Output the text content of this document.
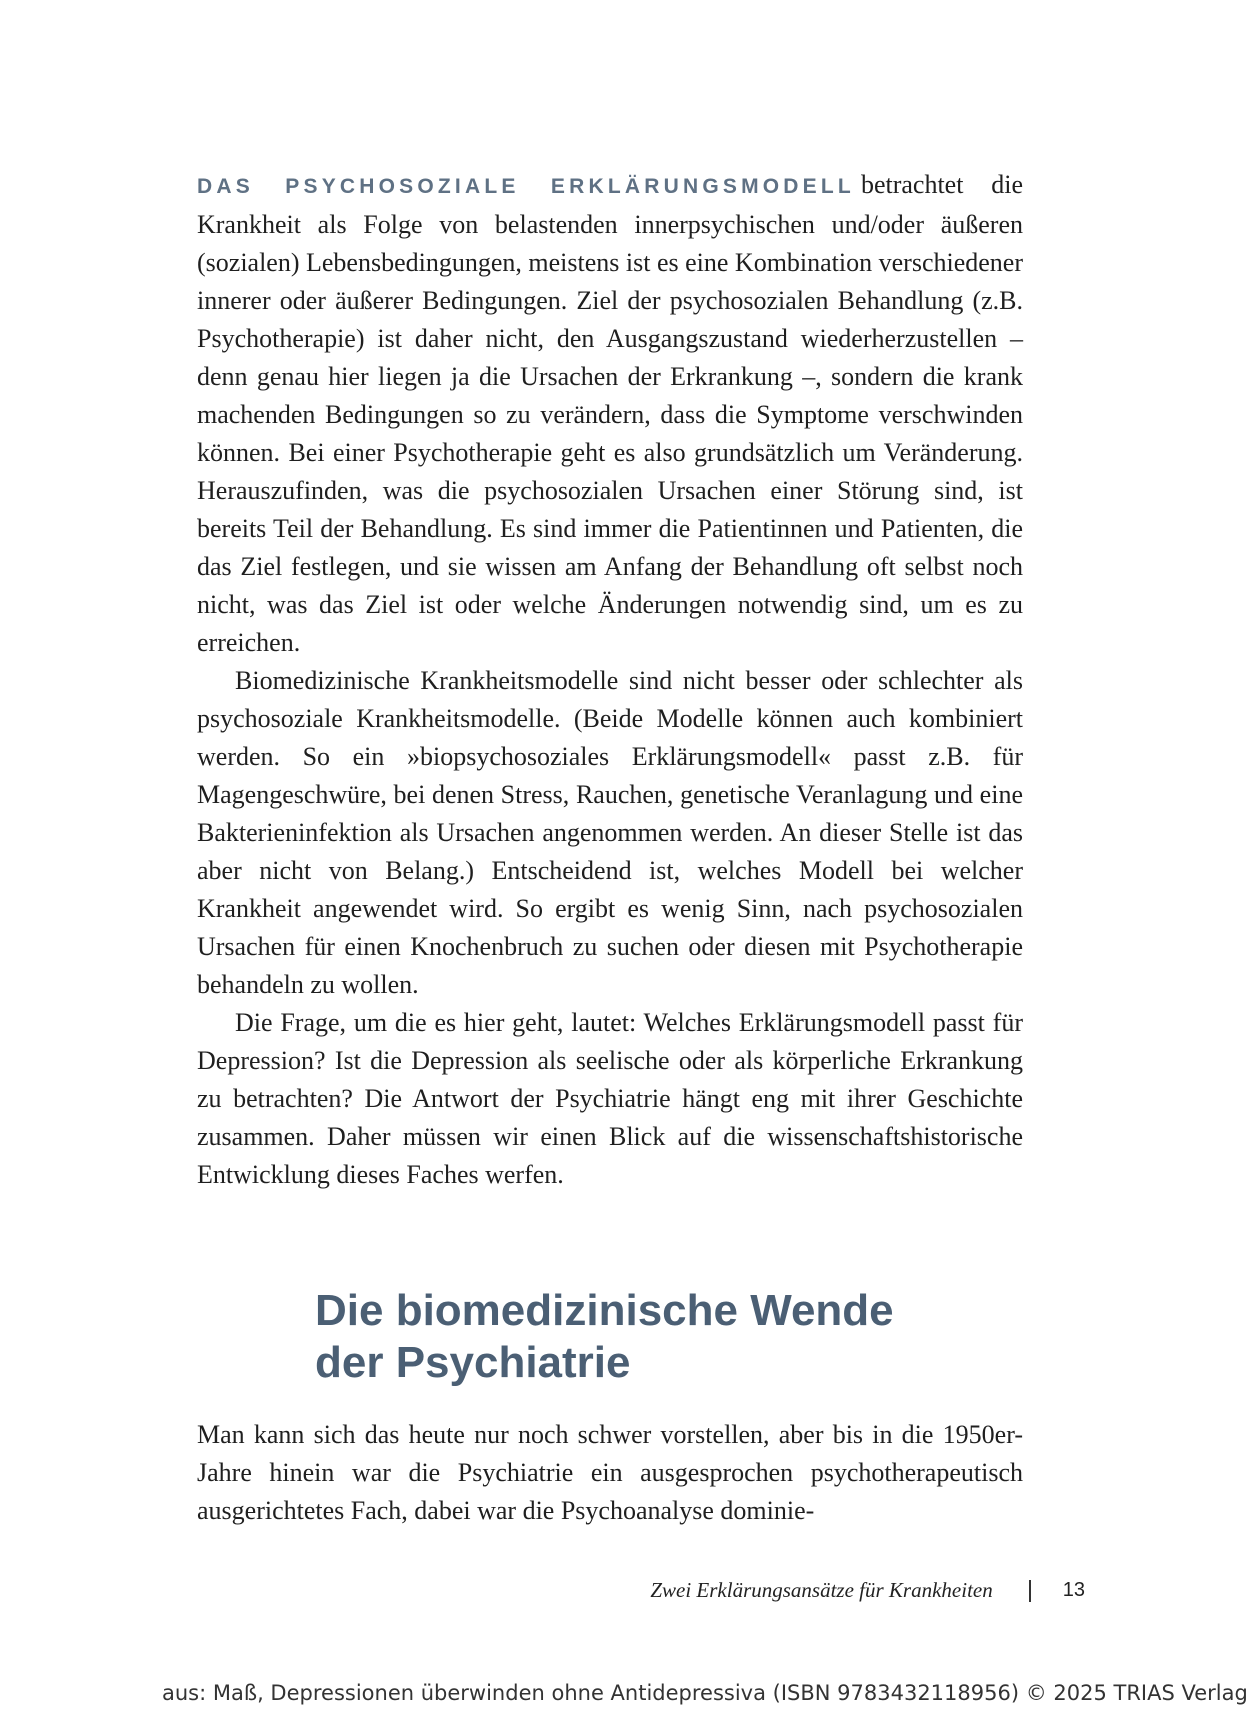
DAS PSYCHOSOZIALE ERKLÄRUNGSMODELL betrachtet die Krankheit als Folge von belastenden innerpsychischen und/oder äußeren (sozialen) Lebensbedingungen, meistens ist es eine Kombination verschiedener innerer oder äußerer Bedingungen. Ziel der psychosozialen Behandlung (z.B. Psychotherapie) ist daher nicht, den Ausgangszustand wiederherzustellen – denn genau hier liegen ja die Ursachen der Erkrankung –, sondern die krank machenden Bedingungen so zu verändern, dass die Symptome verschwinden können. Bei einer Psychotherapie geht es also grundsätzlich um Veränderung. Herauszufinden, was die psychosozialen Ursachen einer Störung sind, ist bereits Teil der Behandlung. Es sind immer die Patientinnen und Patienten, die das Ziel festlegen, und sie wissen am Anfang der Behandlung oft selbst noch nicht, was das Ziel ist oder welche Änderungen notwendig sind, um es zu erreichen.

Biomedizinische Krankheitsmodelle sind nicht besser oder schlechter als psychosoziale Krankheitsmodelle. (Beide Modelle können auch kombiniert werden. So ein »biopsychosoziales Erklärungsmodell« passt z.B. für Magengeschwüre, bei denen Stress, Rauchen, genetische Veranlagung und eine Bakterieninfektion als Ursachen angenommen werden. An dieser Stelle ist das aber nicht von Belang.) Entscheidend ist, welches Modell bei welcher Krankheit angewendet wird. So ergibt es wenig Sinn, nach psychosozialen Ursachen für einen Knochenbruch zu suchen oder diesen mit Psychotherapie behandeln zu wollen.

Die Frage, um die es hier geht, lautet: Welches Erklärungsmodell passt für Depression? Ist die Depression als seelische oder als körperliche Erkrankung zu betrachten? Die Antwort der Psychiatrie hängt eng mit ihrer Geschichte zusammen. Daher müssen wir einen Blick auf die wissenschaftshistorische Entwicklung dieses Faches werfen.

Die biomedizinische Wende
der Psychiatrie

Man kann sich das heute nur noch schwer vorstellen, aber bis in die 1950er-Jahre hinein war die Psychiatrie ein ausgesprochen psychotherapeutisch ausgerichtetes Fach, dabei war die Psychoanalyse dominie-

Zwei Erklärungsansätze für Krankheiten	13
aus: Maß, Depressionen überwinden ohne Antidepressiva (ISBN 9783432118956) © 2025 TRIAS Verlag
